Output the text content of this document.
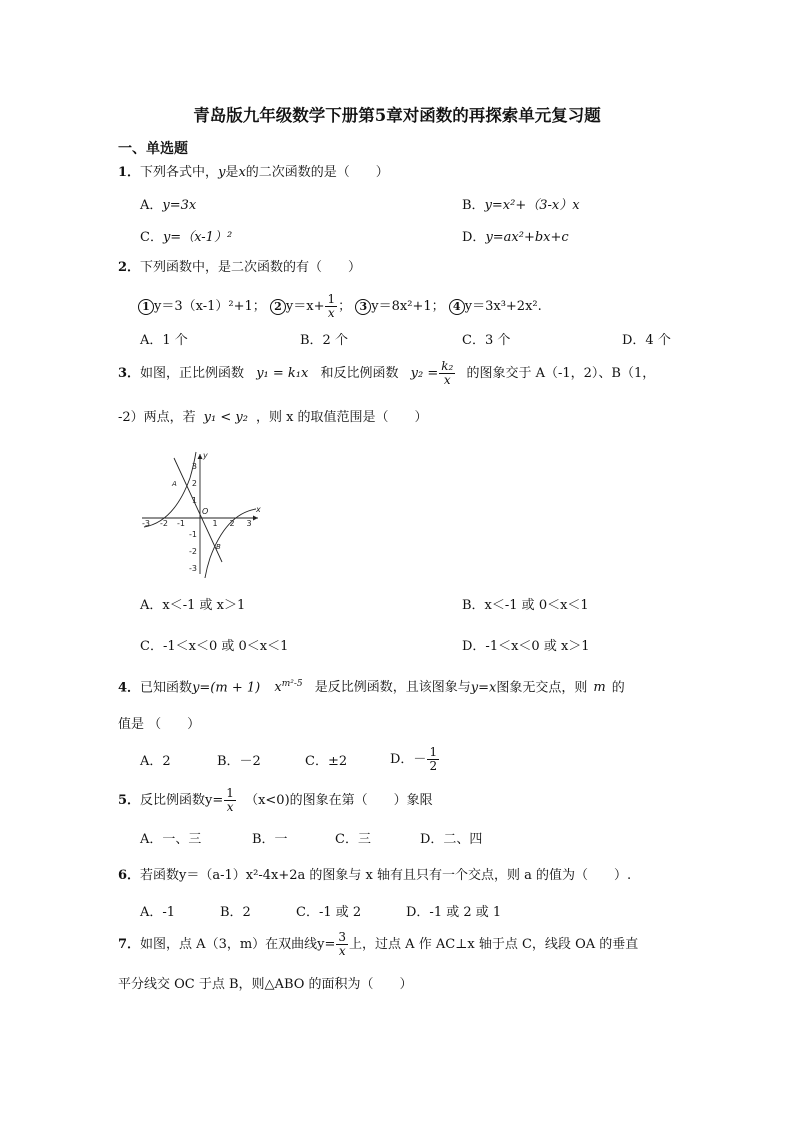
青岛版九年级数学下册第5章对函数的再探索单元复习题
一、单选题
1．下列各式中，y是x的二次函数的是（　　）
A．y=3x	B．y=x²+（3-x）x
C．y=（x-1）²	D．y=ax²+bx+c
2．下列函数中，是二次函数的有（　　）
1 y＝3（x-1）²+1； 2 $y=x+ \frac{1}{x}$ ； 3 y＝8x²+1； 4 y＝3x³+2x².
A．1 个	B．2 个	C．3 个	D．4 个
3．如图，正比例函数 y₁ = k₁x 和反比例函数 $y_2 = \frac{\text{k₂}}{x}$ 的图象交于 A（-1，2）、B（1，
-2）两点，若 y₁ < y₂ ，则 x 的取值范围是（　　）
-3 -2 -1	1 2 3
3
2
1
-1
-2
-3
x
y
O
A
B
A．x＜-1 或 x＞1	B．x＜-1 或 0＜x＜1
C．-1＜x＜0 或 0＜x＜1	D．-1＜x＜0 或 x＞1
4．已知函数y=(m + 1) $x^{m^2-5}$ 是反比例函数，且该图象与y=x图象无交点，则 m 的
值是 （　　）
A．2	B．－2	C．±2	D．－ $\frac{1}{2}$
5．反比例函数$y= \frac{1}{x} (x<0)$的图象在第（　　）象限
A．一、三	B．一	C．三	D．二、四
6．若函数y＝（a-1）x²-4x+2a 的图象与 x 轴有且只有一个交点，则 a 的值为（　　）.
A．-1	B．2	C．-1 或 2	D．-1 或 2 或 1
7．如图，点 A（3，m）在双曲线$y= \frac{3}{x}$ 上，过点 A 作 AC⊥x 轴于点 C，线段 OA 的垂直
平分线交 OC 于点 B，则△ABO 的面积为（　　）
